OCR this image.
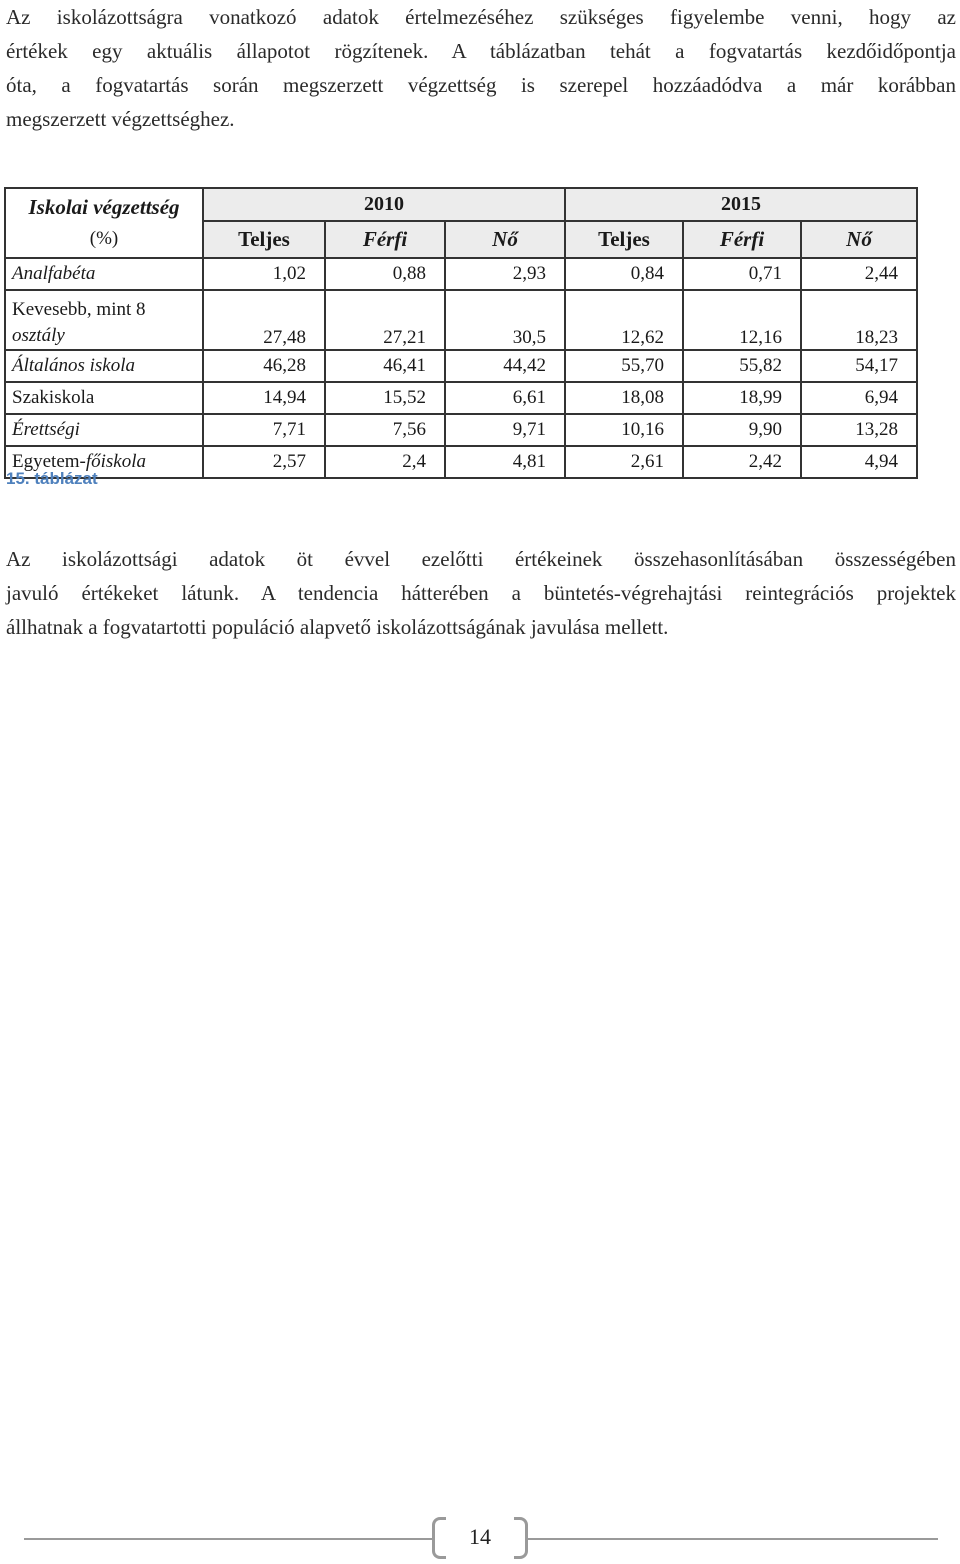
Az iskolázottságra vonatkozó adatok értelmezéséhez szükséges figyelembe venni, hogy az
értékek egy aktuális állapotot rögzítenek. A táblázatban tehát a fogvatartás kezdőidőpontja
óta, a fogvatartás során megszerzett végzettség is szerepel hozzáadódva a már korábban
megszerzett végzettséghez.
Iskolai végzettség
(%)	2010			2015		
	Teljes	Férfi	Nő	Teljes	Férfi	Nő
Analfabéta	1,02	0,88	2,93	0,84	0,71	2,44
Kevesebb, mint 8
osztály	27,48	27,21	30,5	12,62	12,16	18,23
Általános iskola	46,28	46,41	44,42	55,70	55,82	54,17
Szakiskola	14,94	15,52	6,61	18,08	18,99	6,94
Érettségi	7,71	7,56	9,71	10,16	9,90	13,28
Egyetem-főiskola	2,57	2,4	4,81	2,61	2,42	4,94
15. táblázat
Az iskolázottsági adatok öt évvel ezelőtti értékeinek összehasonlításában összességében
javuló értékeket látunk. A tendencia hátterében a büntetés-végrehajtási reintegrációs projektek
állhatnak a fogvatartotti populáció alapvető iskolázottságának javulása mellett.
14
